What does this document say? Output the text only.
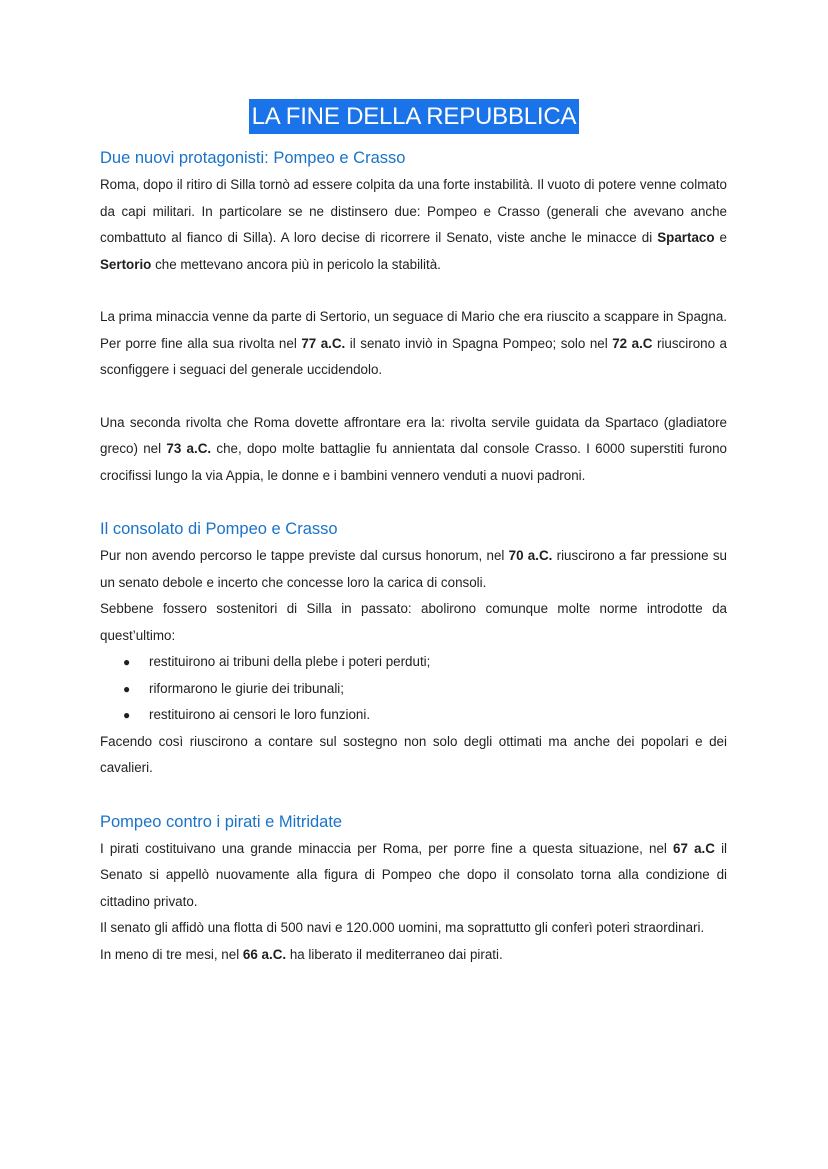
LA FINE DELLA REPUBBLICA
Due nuovi protagonisti: Pompeo e Crasso

Roma, dopo il ritiro di Silla tornò ad essere colpita da una forte instabilità. Il vuoto di potere venne colmato da capi militari. In particolare se ne distinsero due: Pompeo e Crasso (generali che avevano anche combattuto al fianco di Silla). A loro decise di ricorrere il Senato, viste anche le minacce di Spartaco e Sertorio che mettevano ancora più in pericolo la stabilità.

La prima minaccia venne da parte di Sertorio, un seguace di Mario che era riuscito a scappare in Spagna. Per porre fine alla sua rivolta nel 77 a.C. il senato inviò in Spagna Pompeo; solo nel 72 a.C riuscirono a sconfiggere i seguaci del generale uccidendolo.

Una seconda rivolta che Roma dovette affrontare era la: rivolta servile guidata da Spartaco (gladiatore greco) nel 73 a.C. che, dopo molte battaglie fu annientata dal console Crasso. I 6000 superstiti furono crocifissi lungo la via Appia, le donne e i bambini vennero venduti a nuovi padroni.

Il consolato di Pompeo e Crasso

Pur non avendo percorso le tappe previste dal cursus honorum, nel 70 a.C. riuscirono a far pressione su un senato debole e incerto che concesse loro la carica di consoli.

Sebbene fossero sostenitori di Silla in passato: abolirono comunque molte norme introdotte da quest’ultimo:

● restituirono ai tribuni della plebe i poteri perduti;
● riformarono le giurie dei tribunali;
● restituirono ai censori le loro funzioni.

Facendo così riuscirono a contare sul sostegno non solo degli ottimati ma anche dei popolari e dei cavalieri.

Pompeo contro i pirati e Mitridate

I pirati costituivano una grande minaccia per Roma, per porre fine a questa situazione, nel 67 a.C il Senato si appellò nuovamente alla figura di Pompeo che dopo il consolato torna alla condizione di cittadino privato.

Il senato gli affidò una flotta di 500 navi e 120.000 uomini, ma soprattutto gli conferì poteri straordinari.

In meno di tre mesi, nel 66 a.C. ha liberato il mediterraneo dai pirati.
